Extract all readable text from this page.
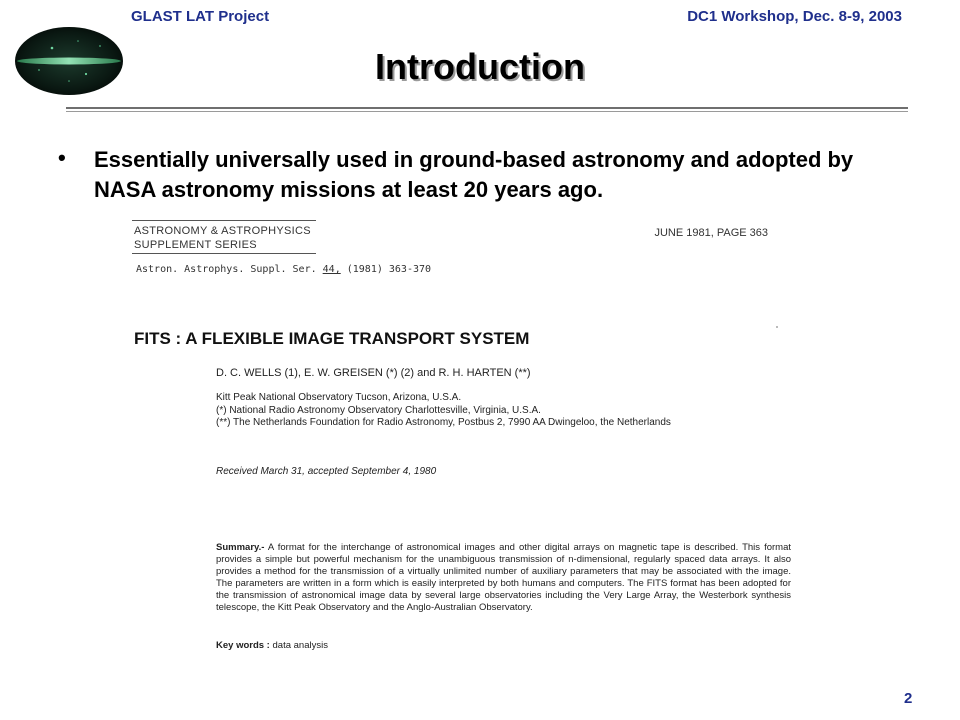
GLAST LAT Project	DC1 Workshop, Dec. 8-9, 2003
Introduction
• Essentially universally used in ground-based astronomy and adopted by NASA astronomy missions at least 20 years ago.
ASTRONOMY & ASTROPHYSICS
SUPPLEMENT SERIES
JUNE 1981, PAGE 363
Astron. Astrophys. Suppl. Ser. 44, (1981) 363-370
FITS : A FLEXIBLE IMAGE TRANSPORT SYSTEM
D. C. WELLS (1), E. W. GREISEN (*) (2) and R. H. HARTEN (**)
Kitt Peak National Observatory Tucson, Arizona, U.S.A.
(*) National Radio Astronomy Observatory Charlottesville, Virginia, U.S.A.
(**) The Netherlands Foundation for Radio Astronomy, Postbus 2, 7990 AA Dwingeloo, the Netherlands
Received March 31, accepted September 4, 1980
Summary.- A format for the interchange of astronomical images and other digital arrays on magnetic tape is described. This format provides a simple but powerful mechanism for the unambiguous transmission of n-dimensional, regularly spaced data arrays. It also provides a method for the transmission of a virtually unlimited number of auxiliary parameters that may be associated with the image. The parameters are written in a form which is easily interpreted by both humans and computers. The FITS format has been adopted for the transmission of astronomical image data by several large observatories including the Very Large Array, the Westerbork synthesis telescope, the Kitt Peak Observatory and the Anglo-Australian Observatory.
Key words : data analysis
2
